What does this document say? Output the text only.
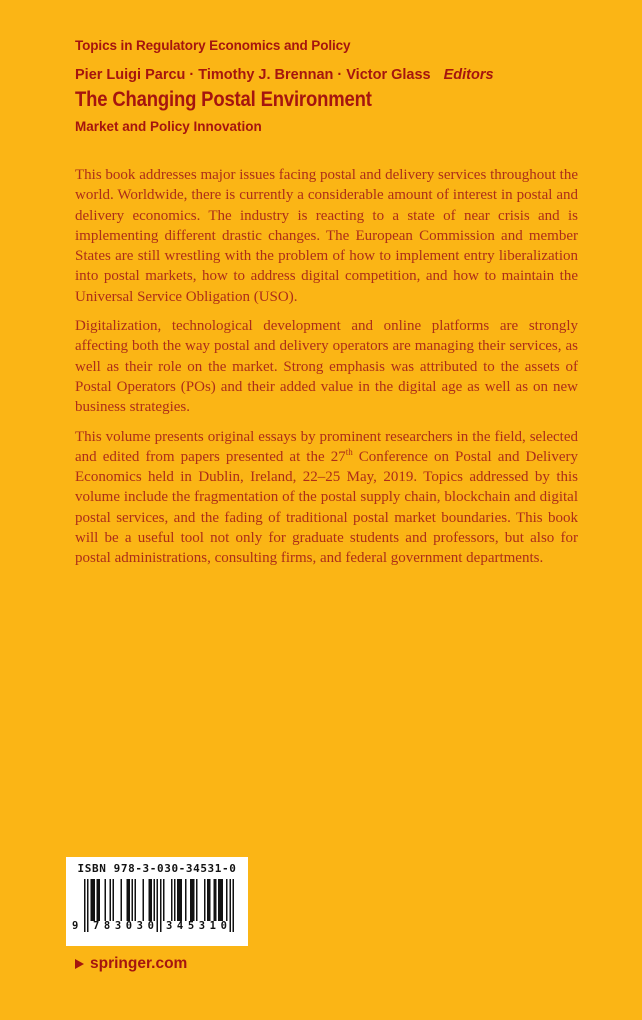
Topics in Regulatory Economics and Policy
Pier Luigi Parcu · Timothy J. Brennan · Victor Glass Editors
The Changing Postal Environment
Market and Policy Innovation

This book addresses major issues facing postal and delivery services throughout the world. Worldwide, there is currently a considerable amount of interest in postal and delivery economics. The industry is reacting to a state of near crisis and is implementing different drastic changes. The European Commission and member States are still wrestling with the problem of how to implement entry liberalization into postal markets, how to address digital competition, and how to maintain the Universal Service Obligation (USO).

Digitalization, technological development and online platforms are strongly affecting both the way postal and delivery operators are managing their services, as well as their role on the market. Strong emphasis was attributed to the assets of Postal Operators (POs) and their added value in the digital age as well as on new business strategies.

This volume presents original essays by prominent researchers in the field, selected and edited from papers presented at the 27th Conference on Postal and Delivery Economics held in Dublin, Ireland, 22–25 May, 2019. Topics addressed by this volume include the fragmentation of the postal supply chain, blockchain and digital postal services, and the fading of traditional postal market boundaries. This book will be a useful tool not only for graduate students and professors, but also for postal administrations, consulting firms, and federal government departments.

ISBN 978-3-030-34531-0
9 783030 345310
springer.com
